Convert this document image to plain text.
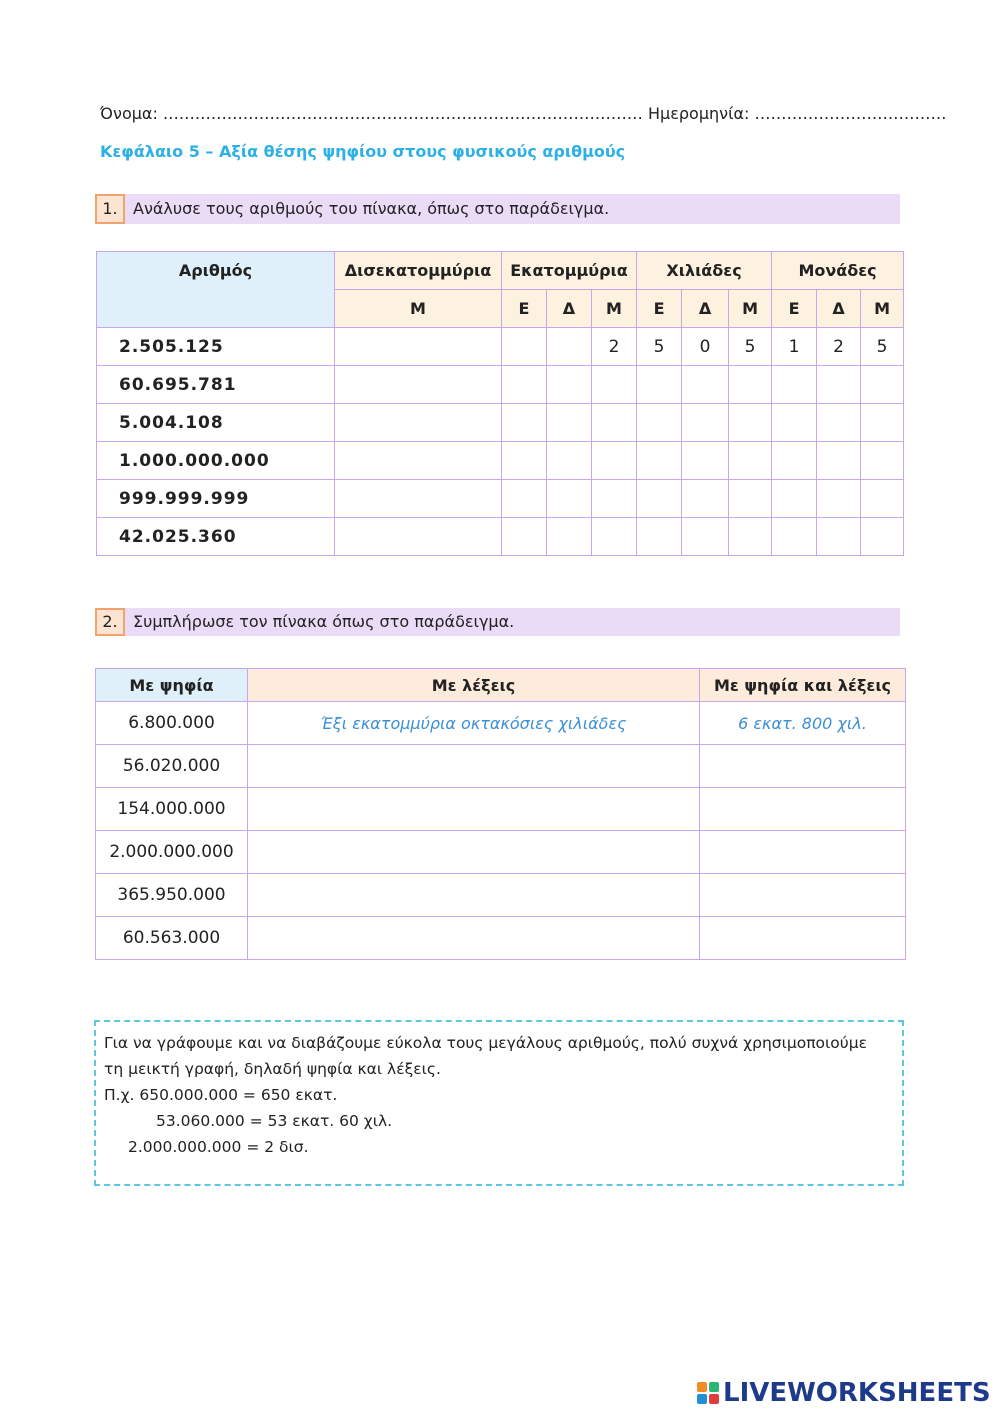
Όνομα: ……………………………………………………………………………… Ημερομηνία: ………………………………
Κεφάλαιο 5 – Αξία θέσης ψηφίου στους φυσικούς αριθμούς
1. Ανάλυσε τους αριθμούς του πίνακα, όπως στο παράδειγμα.
Αριθμός	Δισεκατομμύρια	Εκατομμύρια			Χιλιάδες			Μονάδες		
	Μ	Ε	Δ	Μ	Ε	Δ	Μ	Ε	Δ	Μ
2.505.125				2	5	0	5	1	2	5
60.695.781										
5.004.108										
1.000.000.000										
999.999.999										
42.025.360										
2. Συμπλήρωσε τον πίνακα όπως στο παράδειγμα.
Με ψηφία	Με λέξεις	Με ψηφία και λέξεις
6.800.000	Έξι εκατομμύρια οκτακόσιες χιλιάδες	6 εκατ. 800 χιλ.
56.020.000		
154.000.000		
2.000.000.000		
365.950.000		
60.563.000		
Για να γράφουμε και να διαβάζουμε εύκολα τους μεγάλους αριθμούς, πολύ συχνά χρησιμοποιούμε
τη μεικτή γραφή, δηλαδή ψηφία και λέξεις.
Π.χ. 650.000.000 = 650 εκατ.
53.060.000 = 53 εκατ. 60 χιλ.
2.000.000.000 = 2 δισ.
LIVEWORKSHEETS
